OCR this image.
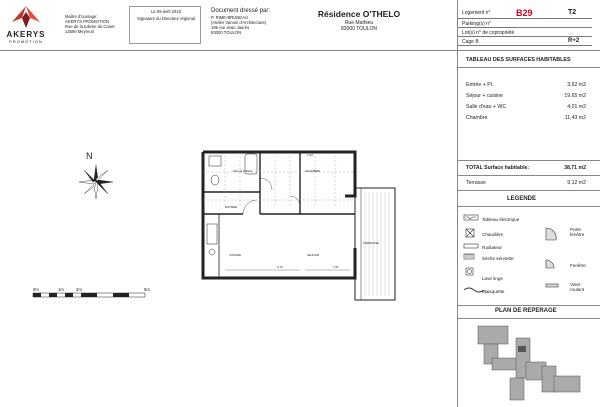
AKERYS
PROMOTION
Maître d'ouvrage:
AKERYS PROMOTION
Rue de la tuilerie du Canet
13590 Meyreuil
Le 09 avril 2015
Signature du Directeur régional
Document dressé par:
P. RIME-BRUNEAU
(Atelier Vanoni d'Architecture)
195 rue Jean Jaurès
83000 TOULON
Résidence O'THELO
Rue Mathieu
83000 TOULON
Logement n°	B29	T2
Parking(s) n°
Lot(s) n° de copropriété
Cage B	R+2
TABLEAU DES SURFACES HABITABLES
Entrée + Pl.	3,62 m2
Séjour + cuisine	19,65 m2
Salle d'eau + WC	4,01 m2
Chambre	11,43 m2
TOTAL Surface habitable:	38,71 m2
Terrasse	9,12 m2
LEGENDE
Tableau électrique
Chaudière
Radiateur
Sèche serviette
Lave linge
Maisquette
Porte fenêtre
Fenêtre
Volet roulant
PLAN DE REPERAGE
N
0m	1m	2m	5m
SALLE D'EAU	CHAMBRE
ENTREE
CUISINE	SEJOUR
TERRASSE
6.73	7.57
1.94
